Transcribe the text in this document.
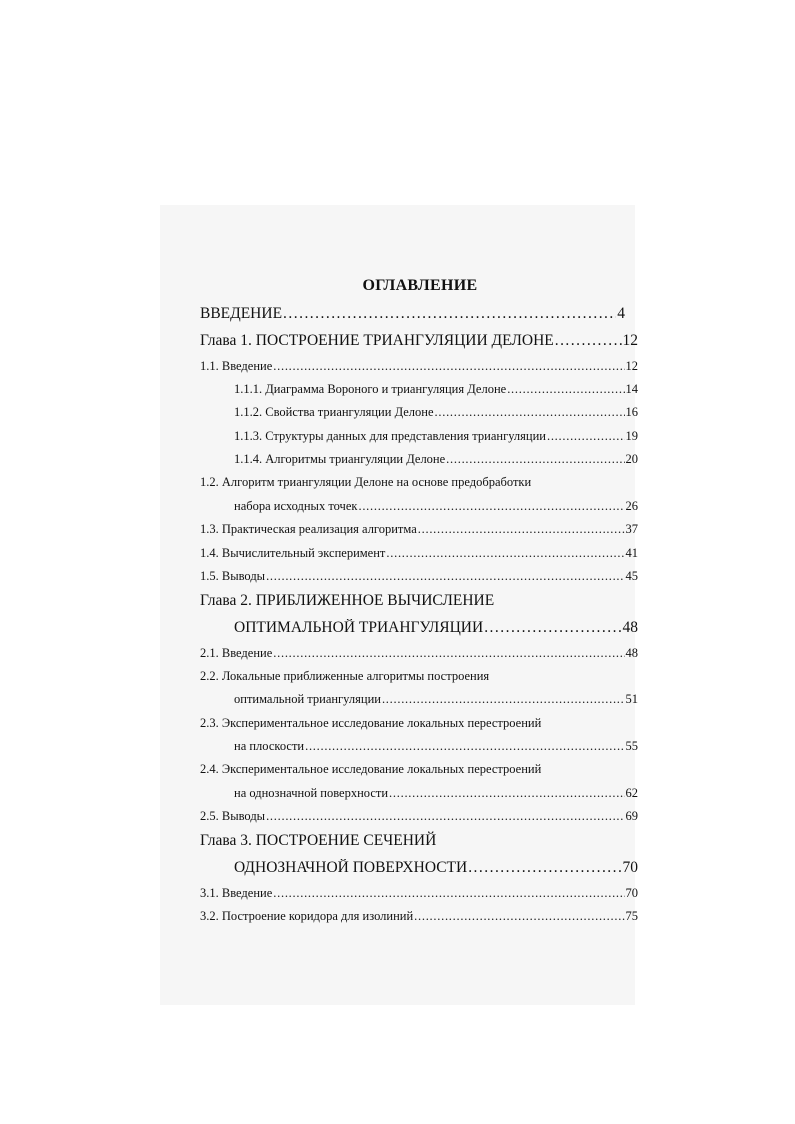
ОГЛАВЛЕНИЕ
ВВЕДЕНИЕ . . .	4
Глава 1. ПОСТРОЕНИЕ ТРИАНГУЛЯЦИИ ДЕЛОНЕ . . .	12
1.1. Введение . . .	12
1.1.1. Диаграмма Вороного и триангуляция Делоне . . .	14
1.1.2. Свойства триангуляции Делоне . . .	16
1.1.3. Структуры данных для представления триангуляции . . .	19
1.1.4. Алгоритмы триангуляции Делоне . . .	20
1.2. Алгоритм триангуляции Делоне на основе предобработки
набора исходных точек . . .	26
1.3. Практическая реализация алгоритма . . .	37
1.4. Вычислительный эксперимент . . .	41
1.5. Выводы . . .	45
Глава 2. ПРИБЛИЖЕННОЕ ВЫЧИСЛЕНИЕ
ОПТИМАЛЬНОЙ ТРИАНГУЛЯЦИИ . . .	48
2.1. Введение . . .	48
2.2. Локальные приближенные алгоритмы построения
оптимальной триангуляции . . .	51
2.3. Экспериментальное исследование локальных перестроений
на плоскости . . .	55
2.4. Экспериментальное исследование локальных перестроений
на однозначной поверхности . . .	62
2.5. Выводы . . .	69
Глава 3. ПОСТРОЕНИЕ СЕЧЕНИЙ
ОДНОЗНАЧНОЙ ПОВЕРХНОСТИ . . .	70
3.1. Введение . . .	70
3.2. Построение коридора для изолиний . . .	75
